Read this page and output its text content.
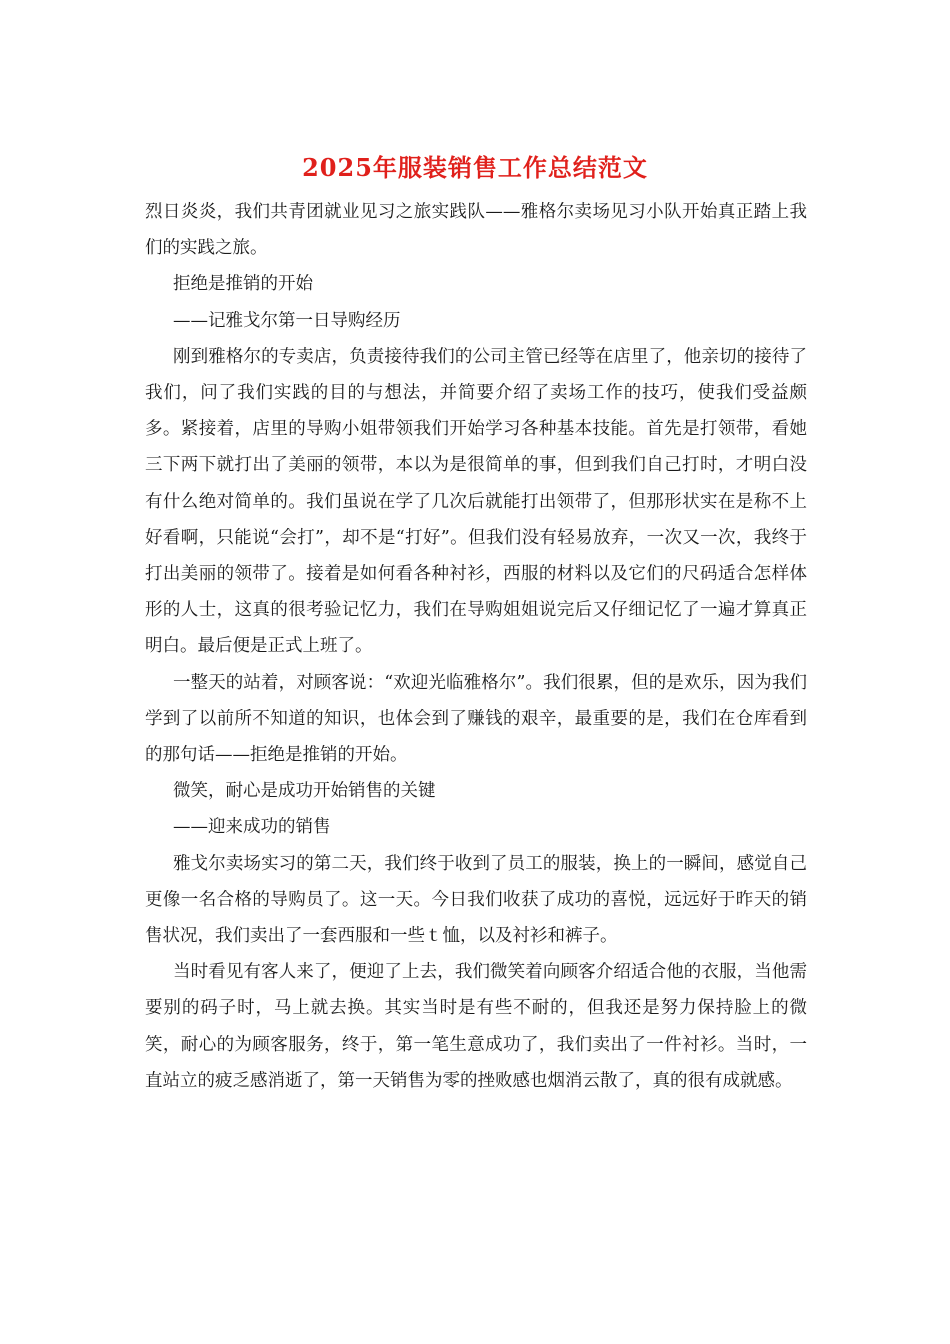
2025年服装销售工作总结范文

烈日炎炎，我们共青团就业见习之旅实践队——雅格尔卖场见习小队开始真正踏上我们的实践之旅。

拒绝是推销的开始

——记雅戈尔第一日导购经历

刚到雅格尔的专卖店，负责接待我们的公司主管已经等在店里了，他亲切的接待了我们，问了我们实践的目的与想法，并简要介绍了卖场工作的技巧，使我们受益颇多。紧接着，店里的导购小姐带领我们开始学习各种基本技能。首先是打领带，看她三下两下就打出了美丽的领带，本以为是很简单的事，但到我们自己打时，才明白没有什么绝对简单的。我们虽说在学了几次后就能打出领带了，但那形状实在是称不上好看啊，只能说“会打”，却不是“打好”。但我们没有轻易放弃，一次又一次，我终于打出美丽的领带了。接着是如何看各种衬衫，西服的材料以及它们的尺码适合怎样体形的人士，这真的很考验记忆力，我们在导购姐姐说完后又仔细记忆了一遍才算真正明白。最后便是正式上班了。

一整天的站着，对顾客说：“欢迎光临雅格尔”。我们很累，但的是欢乐，因为我们学到了以前所不知道的知识，也体会到了赚钱的艰辛，最重要的是，我们在仓库看到的那句话——拒绝是推销的开始。

微笑，耐心是成功开始销售的关键

——迎来成功的销售

雅戈尔卖场实习的第二天，我们终于收到了员工的服装，换上的一瞬间，感觉自己更像一名合格的导购员了。这一天。今日我们收获了成功的喜悦，远远好于昨天的销售状况，我们卖出了一套西服和一些ｔ恤，以及衬衫和裤子。

当时看见有客人来了，便迎了上去，我们微笑着向顾客介绍适合他的衣服，当他需要别的码子时，马上就去换。其实当时是有些不耐的，但我还是努力保持脸上的微笑，耐心的为顾客服务，终于，第一笔生意成功了，我们卖出了一件衬衫。当时，一直站立的疲乏感消逝了，第一天销售为零的挫败感也烟消云散了，真的很有成就感。
